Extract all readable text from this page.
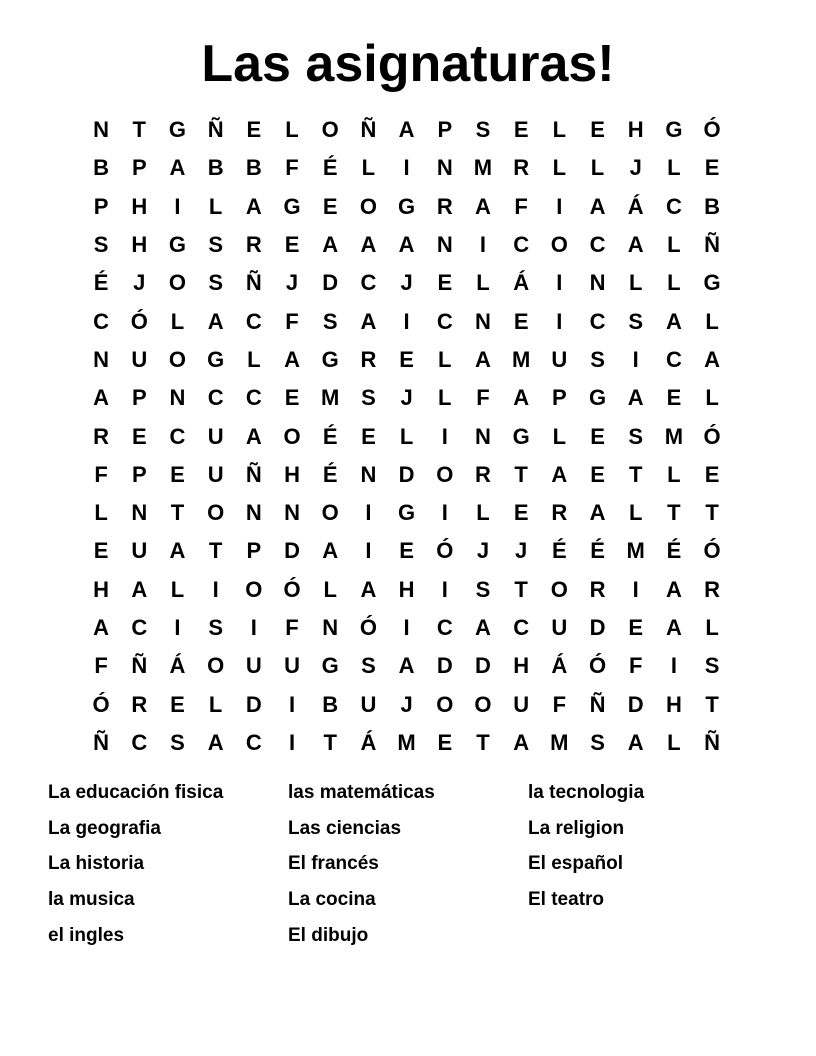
Las asignaturas!
N	T	G Ñ	E	L	O Ñ	A	P	S	E	L	E	H G Ó
B	P	A	B	B	F	É	L	I	N M R	L	L	J	L	E
P	H	I	L	A G	E	O G R	A	F	I	A	Á	C	B
S	H G	S	R	E	A	A	A	N	I	C O C	A	L	Ñ
É	J	O	S	Ñ	J	D	C	J	E	L	Á	I	N	L	L	G
C Ó	L	A	C	F	S	A	I	C	N	E	I	C	S	A	L
N	U O G	L	A G R	E	L	A M U	S	I	C	A
A	P	N	C	C	E M S	J	L	F	A	P	G A	E	L
R	E	C	U	A O	É	E	L	I	N G	L	E	S M Ó
F	P	E	U	Ñ	H	É	N	D O R	T	A	E	T	L	E
L	N	T	O N	N O	I	G	I	L	E	R	A	L	T	T
E	U	A	T	P	D	A	I	E	Ó	J	J	É	É M É	Ó
H	A	L	I	O Ó	L	A	H	I	S	T	O R	I	A	R
A	C	I	S	I	F	N Ó	I	C	A	C	U	D	E	A	L
F	Ñ	Á O U	U G	S	A	D	D	H	Á Ó	F	I	S
Ó R	E	L	D	I	B	U	J	O O U	F	Ñ	D	H	T
Ñ	C	S	A	C	I	T	Á M E	T	A M S	A	L	Ñ
La educación fisica
La geografia
La historia
la musica
el ingles
las matemáticas
Las ciencias
El francés
La cocina
El dibujo
la tecnologia
La religion
El español
El teatro
